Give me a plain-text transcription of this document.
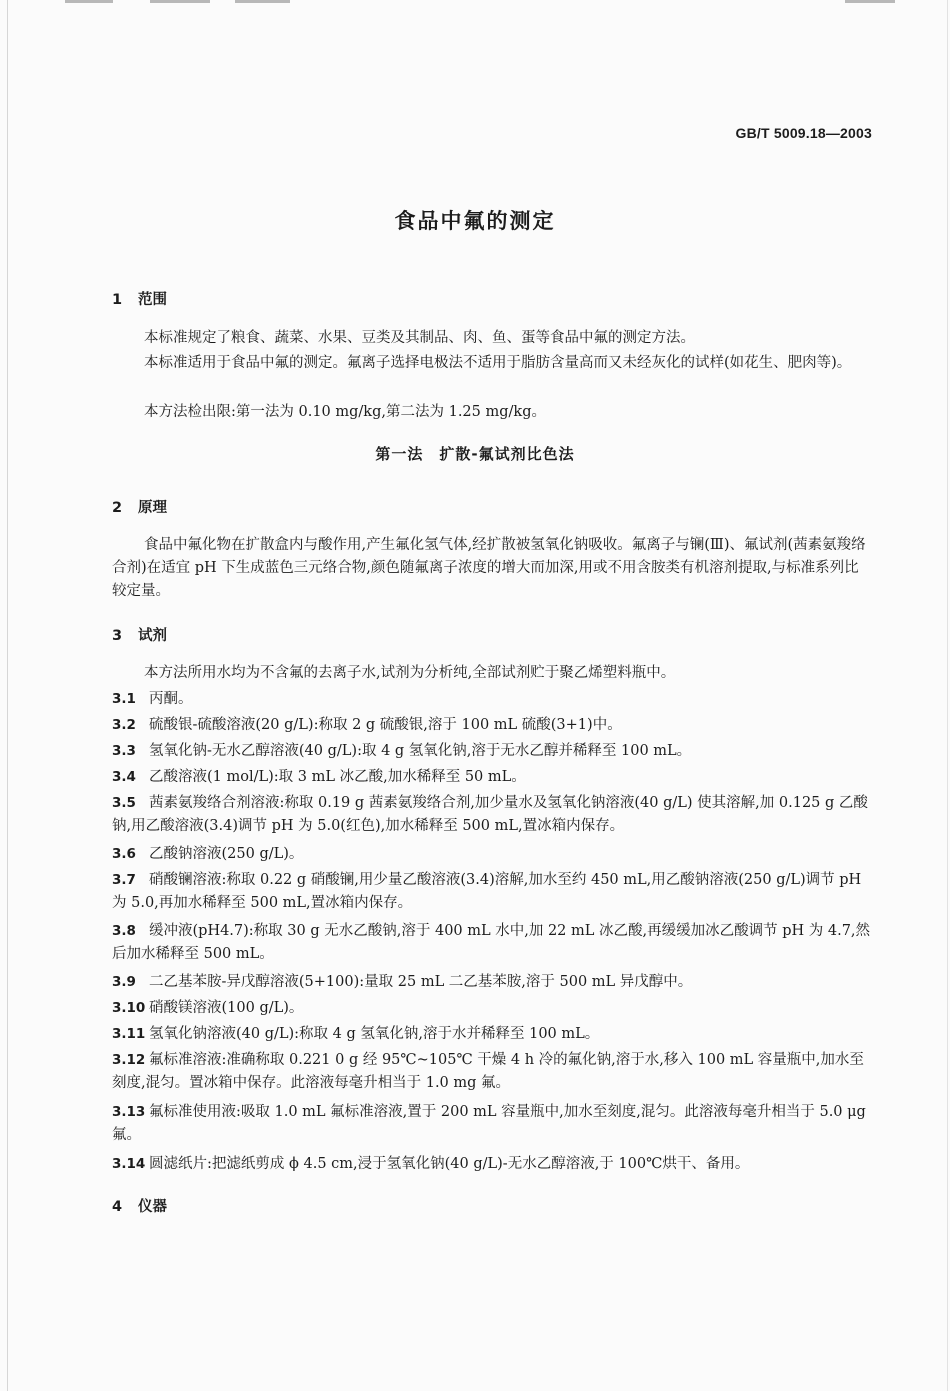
GB/T 5009.18—2003
食品中氟的测定
1 范围
本标准规定了粮食、蔬菜、水果、豆类及其制品、肉、鱼、蛋等食品中氟的测定方法。
本标准适用于食品中氟的测定。氟离子选择电极法不适用于脂肪含量高而又未经灰化的试样(如花生、肥肉等)。
本方法检出限:第一法为 0.10 mg/kg,第二法为 1.25 mg/kg。
第一法　扩散-氟试剂比色法
2 原理
食品中氟化物在扩散盒内与酸作用,产生氟化氢气体,经扩散被氢氧化钠吸收。氟离子与镧(Ⅲ)、氟试剂(茜素氨羧络合剂)在适宜 pH 下生成蓝色三元络合物,颜色随氟离子浓度的增大而加深,用或不用含胺类有机溶剂提取,与标准系列比较定量。
3 试剂
本方法所用水均为不含氟的去离子水,试剂为分析纯,全部试剂贮于聚乙烯塑料瓶中。
3.1 丙酮。
3.2 硫酸银-硫酸溶液(20 g/L):称取 2 g 硫酸银,溶于 100 mL 硫酸(3+1)中。
3.3 氢氧化钠-无水乙醇溶液(40 g/L):取 4 g 氢氧化钠,溶于无水乙醇并稀释至 100 mL。
3.4 乙酸溶液(1 mol/L):取 3 mL 冰乙酸,加水稀释至 50 mL。
3.5 茜素氨羧络合剂溶液:称取 0.19 g 茜素氨羧络合剂,加少量水及氢氧化钠溶液(40 g/L) 使其溶解,加 0.125 g 乙酸钠,用乙酸溶液(3.4)调节 pH 为 5.0(红色),加水稀释至 500 mL,置冰箱内保存。
3.6 乙酸钠溶液(250 g/L)。
3.7 硝酸镧溶液:称取 0.22 g 硝酸镧,用少量乙酸溶液(3.4)溶解,加水至约 450 mL,用乙酸钠溶液(250 g/L)调节 pH 为 5.0,再加水稀释至 500 mL,置冰箱内保存。
3.8 缓冲液(pH4.7):称取 30 g 无水乙酸钠,溶于 400 mL 水中,加 22 mL 冰乙酸,再缓缓加冰乙酸调节 pH 为 4.7,然后加水稀释至 500 mL。
3.9 二乙基苯胺-异戊醇溶液(5+100):量取 25 mL 二乙基苯胺,溶于 500 mL 异戊醇中。
3.10 硝酸镁溶液(100 g/L)。
3.11 氢氧化钠溶液(40 g/L):称取 4 g 氢氧化钠,溶于水并稀释至 100 mL。
3.12 氟标准溶液:准确称取 0.221 0 g 经 95℃~105℃ 干燥 4 h 冷的氟化钠,溶于水,移入 100 mL 容量瓶中,加水至刻度,混匀。置冰箱中保存。此溶液每毫升相当于 1.0 mg 氟。
3.13 氟标准使用液:吸取 1.0 mL 氟标准溶液,置于 200 mL 容量瓶中,加水至刻度,混匀。此溶液每毫升相当于 5.0 μg 氟。
3.14 圆滤纸片:把滤纸剪成 ϕ 4.5 cm,浸于氢氧化钠(40 g/L)-无水乙醇溶液,于 100℃烘干、备用。
4 仪器
